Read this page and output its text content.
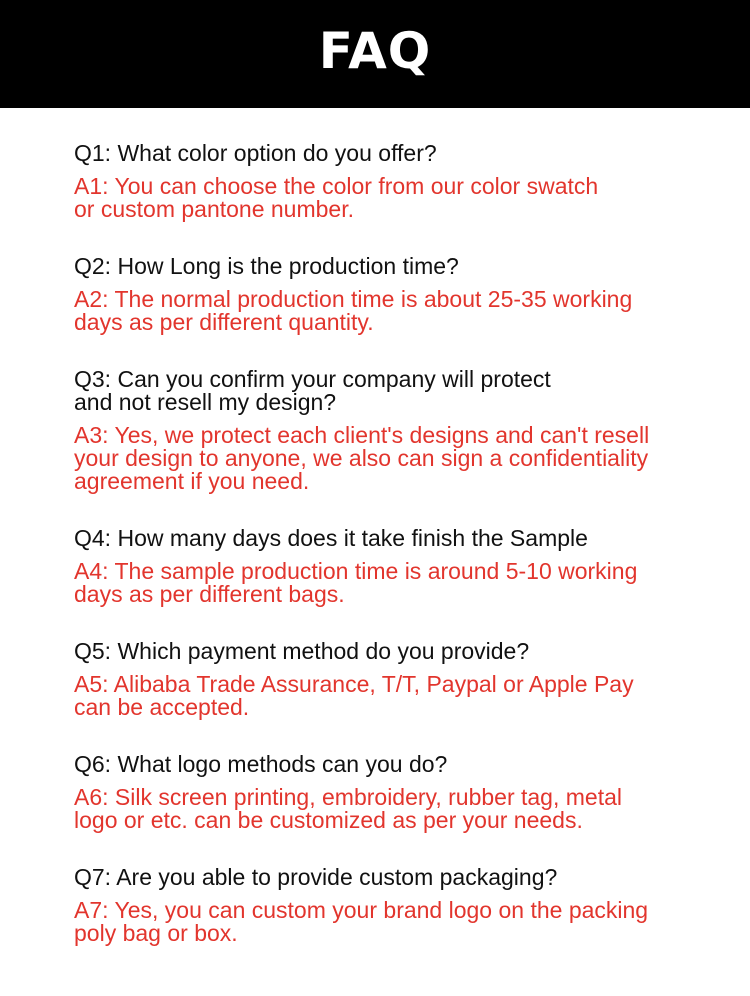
FAQ

Q1: What color option do you offer?

A1: You can choose the color from our color swatch
or custom pantone number.

Q2: How Long is the production time?

A2: The normal production time is about 25-35 working
days as per different quantity.

Q3: Can you confirm your company will protect
and not resell my design?

A3: Yes, we protect each client's designs and can't resell
your design to anyone, we also can sign a confidentiality
agreement if you need.

Q4: How many days does it take finish the Sample

A4: The sample production time is around 5-10 working
days as per different bags.

Q5: Which payment method do you provide?

A5: Alibaba Trade Assurance, T/T, Paypal or Apple Pay
can be accepted.

Q6: What logo methods can you do?

A6: Silk screen printing, embroidery, rubber tag, metal
logo or etc. can be customized as per your needs.

Q7: Are you able to provide custom packaging?

A7: Yes, you can custom your brand logo on the packing
poly bag or box.
